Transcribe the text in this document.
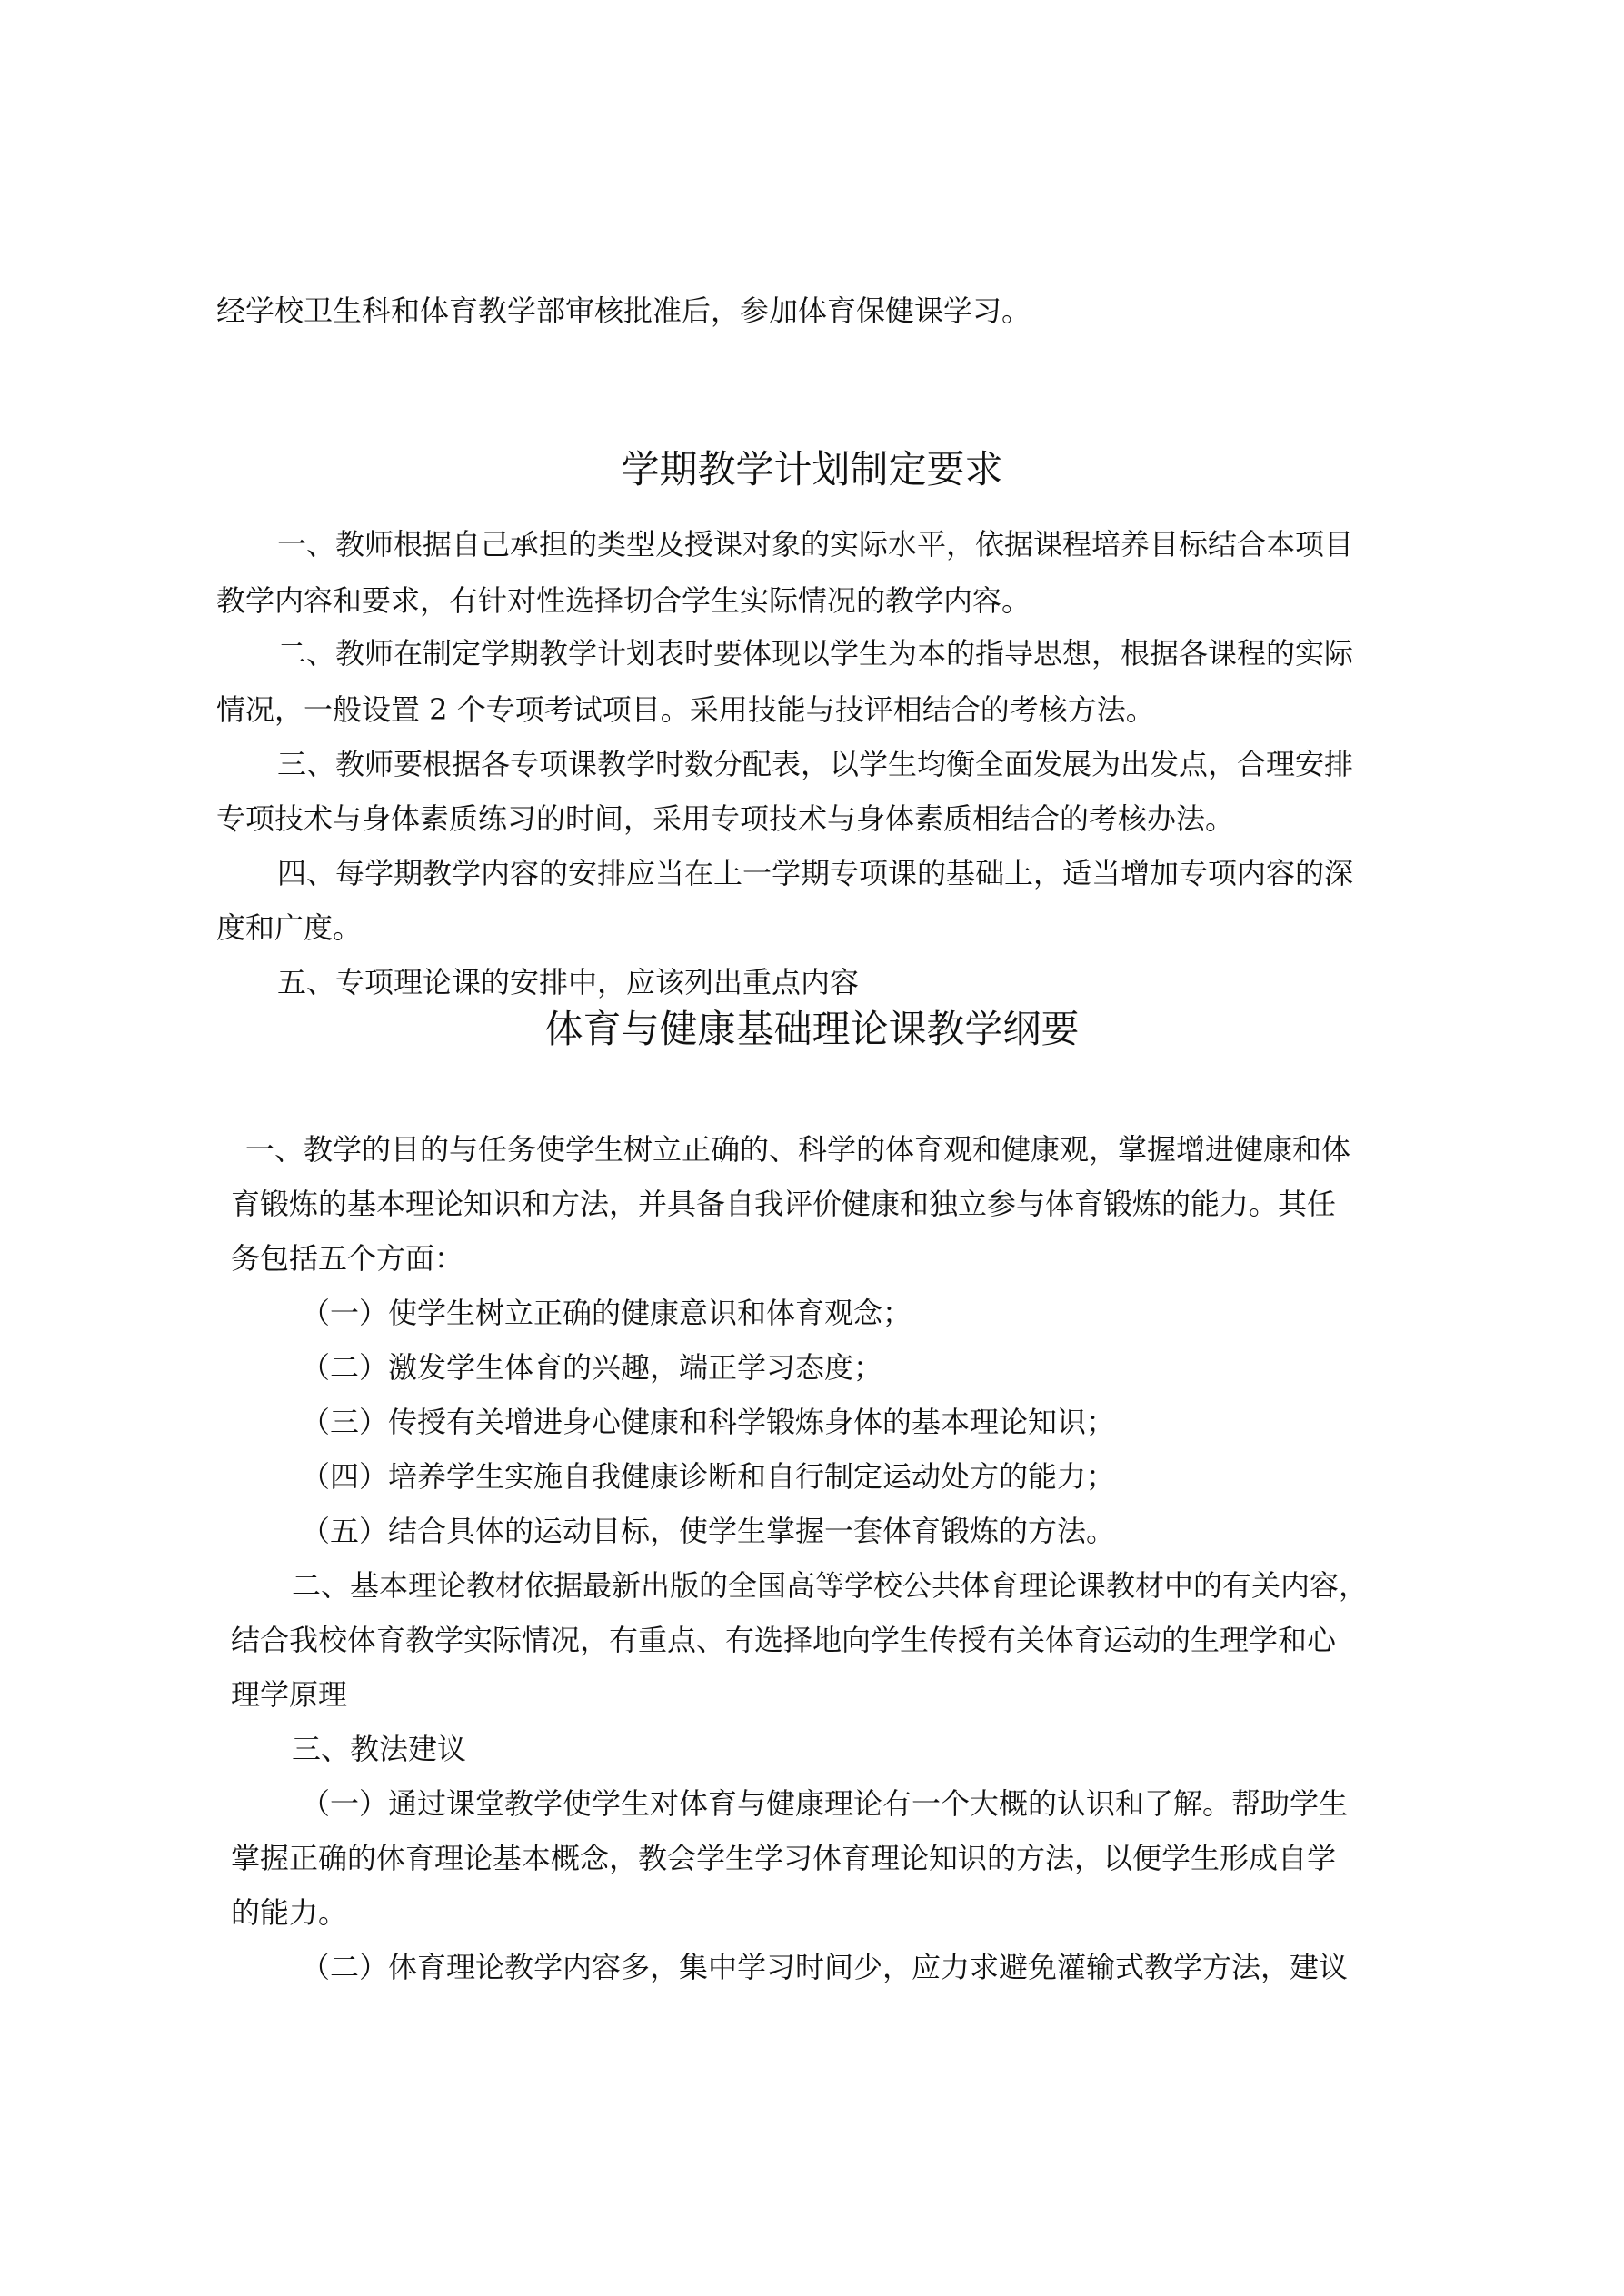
经学校卫生科和体育教学部审核批准后，参加体育保健课学习。

学期教学计划制定要求

一、教师根据自己承担的类型及授课对象的实际水平，依据课程培养目标结合本项目

教学内容和要求，有针对性选择切合学生实际情况的教学内容。

二、教师在制定学期教学计划表时要体现以学生为本的指导思想，根据各课程的实际

情况，一般设置 2 个专项考试项目。采用技能与技评相结合的考核方法。

三、教师要根据各专项课教学时数分配表，以学生均衡全面发展为出发点，合理安排

专项技术与身体素质练习的时间，采用专项技术与身体素质相结合的考核办法。

四、每学期教学内容的安排应当在上一学期专项课的基础上，适当增加专项内容的深

度和广度。

五、专项理论课的安排中，应该列出重点内容

体育与健康基础理论课教学纲要

一、教学的目的与任务使学生树立正确的、科学的体育观和健康观，掌握增进健康和体

育锻炼的基本理论知识和方法，并具备自我评价健康和独立参与体育锻炼的能力。其任

务包括五个方面：

（一）使学生树立正确的健康意识和体育观念；

（二）激发学生体育的兴趣，端正学习态度；

（三）传授有关增进身心健康和科学锻炼身体的基本理论知识；

（四）培养学生实施自我健康诊断和自行制定运动处方的能力；

（五）结合具体的运动目标，使学生掌握一套体育锻炼的方法。

二、基本理论教材依据最新出版的全国高等学校公共体育理论课教材中的有关内容，

结合我校体育教学实际情况，有重点、有选择地向学生传授有关体育运动的生理学和心

理学原理

三、教法建议

（一）通过课堂教学使学生对体育与健康理论有一个大概的认识和了解。帮助学生

掌握正确的体育理论基本概念，教会学生学习体育理论知识的方法，以便学生形成自学

的能力。

（二）体育理论教学内容多，集中学习时间少，应力求避免灌输式教学方法，建议
